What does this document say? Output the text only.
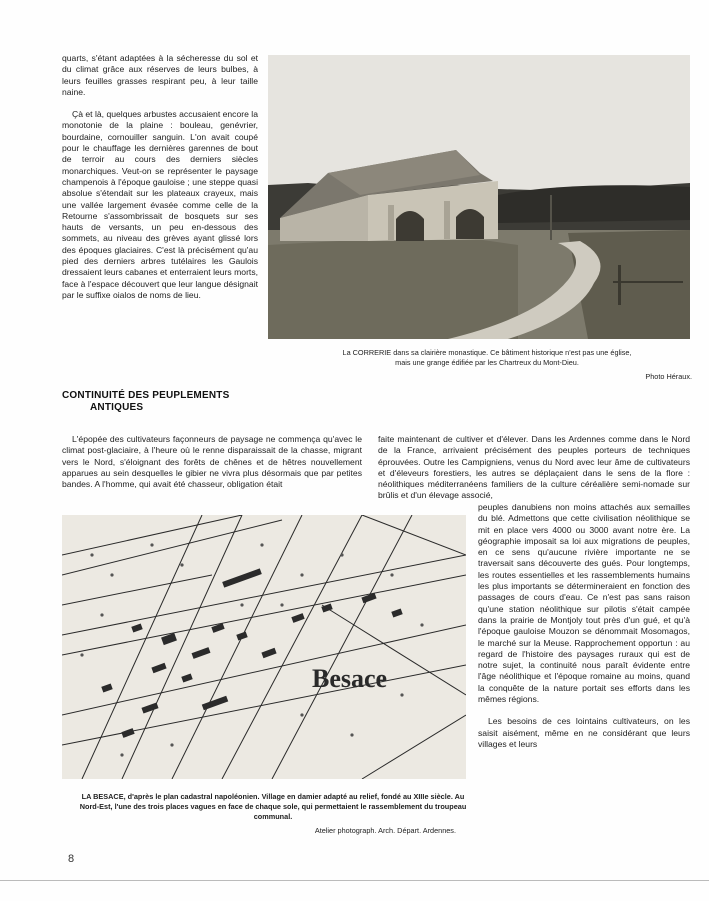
quarts, s'étant adaptées à la sécheresse du sol et du climat grâce aux réserves de leurs bulbes, à leurs feuilles grasses respirant peu, à leur taille naine.

Çà et là, quelques arbustes accusaient encore la monotonie de la plaine : bouleau, genévrier, bourdaine, cornouiller sanguin. L'on avait coupé pour le chauffage les dernières garennes de bout de terroir au cours des derniers siècles monarchiques. Veut-on se représenter le paysage champenois à l'époque gauloise ; une steppe quasi absolue s'étendait sur les plateaux crayeux, mais une vallée largement évasée comme celle de la Retourne s'assombrissait de bosquets sur ses hauts de versants, un peu en-dessous des sommets, au niveau des grèves ayant glissé lors des époques glaciaires. C'est là précisément qu'au pied des derniers arbres tutélaires les Gaulois dressaient leurs cabanes et enterraient leurs morts, face à l'espace découvert que leur langue désignait par le suffixe oialos de noms de lieu.

La CORRERIE dans sa clairière monastique. Ce bâtiment historique n'est pas une église,
mais une grange édifiée par les Chartreux du Mont-Dieu.
Photo Héraux.
CONTINUITÉ DES PEUPLEMENTS
ANTIQUES

L'épopée des cultivateurs façonneurs de paysage ne commença qu'avec le climat post-glaciaire, à l'heure où le renne disparaissait de la chasse, migrant vers le Nord, s'éloignant des forêts de chênes et de hêtres nouvellement apparues au sein desquelles le gibier ne vivra plus désormais que par petites bandes. A l'homme, qui avait été chasseur, obligation était

faite maintenant de cultiver et d'élever. Dans les Ardennes comme dans le Nord de la France, arrivaient précisément des peuples porteurs de techniques éprouvées. Outre les Campigniens, venus du Nord avec leur âme de cultivateurs et d'éleveurs forestiers, les autres se déplaçaient dans le sens de la flore : néolithiques méditerranéens familiers de la culture céréalière semi-nomade sur brûlis et d'un élevage associé,

Besace

peuples danubiens non moins attachés aux semailles du blé. Admettons que cette civilisation néolithique se mit en place vers 4000 ou 3000 avant notre ère. La géographie imposait sa loi aux migrations de peuples, en ce sens qu'aucune rivière importante ne se traversait sans découverte des gués. Pour longtemps, les routes essentielles et les rassemblements humains les plus importants se détermineraient en fonction des passages de cours d'eau. Ce n'est pas sans raison qu'une station néolithique sur pilotis s'était campée dans la prairie de Montjoly tout près d'un gué, et qu'à l'époque gauloise Mouzon se dénommait Mosomagos, le marché sur la Meuse. Rapprochement opportun : au regard de l'histoire des paysages ruraux qui est de notre sujet, la continuité nous paraît évidente entre l'âge néolithique et l'époque romaine au moins, quand la conquête de la nature portait ses efforts dans les mêmes régions.

Les besoins de ces lointains cultivateurs, on les saisit aisément, même en ne considérant que leurs villages et leurs

LA BESACE, d'après le plan cadastral napoléonien. Village en damier adapté au relief, fondé au XIIIe siècle. Au Nord-Est, l'une des trois places vagues en face de chaque sole, qui permettaient le rassemblement du troupeau communal.
Atelier photograph. Arch. Départ. Ardennes.
8
